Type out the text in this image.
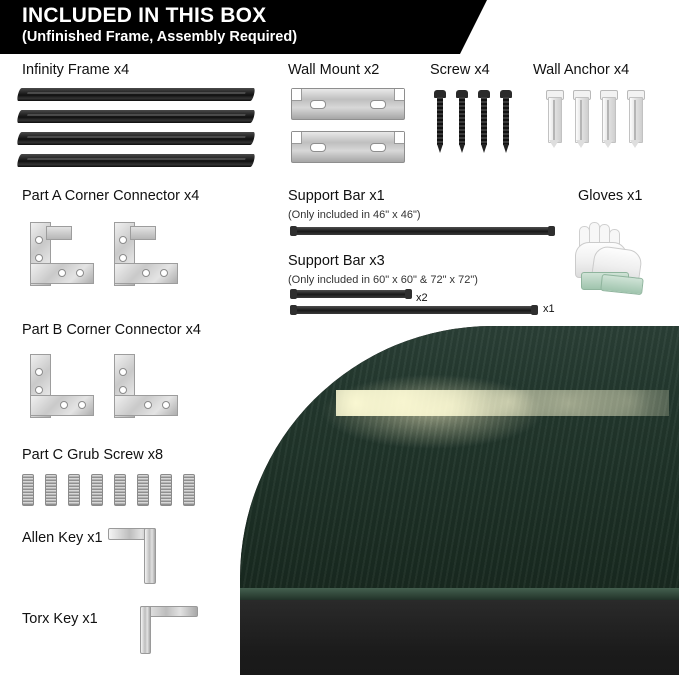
INCLUDED IN THIS BOX
(Unfinished Frame, Assembly Required)
Infinity Frame x4	Wall Mount x2	Screw x4	Wall Anchor x4
Part A Corner Connector x4	Support Bar x1
(Only included in 46" x 46")
Support Bar x3
(Only included in 60" x 60" & 72" x 72")
x2
x1
Gloves x1
Part B Corner Connector x4
Part C Grub Screw x8
Allen Key x1
Torx Key x1
